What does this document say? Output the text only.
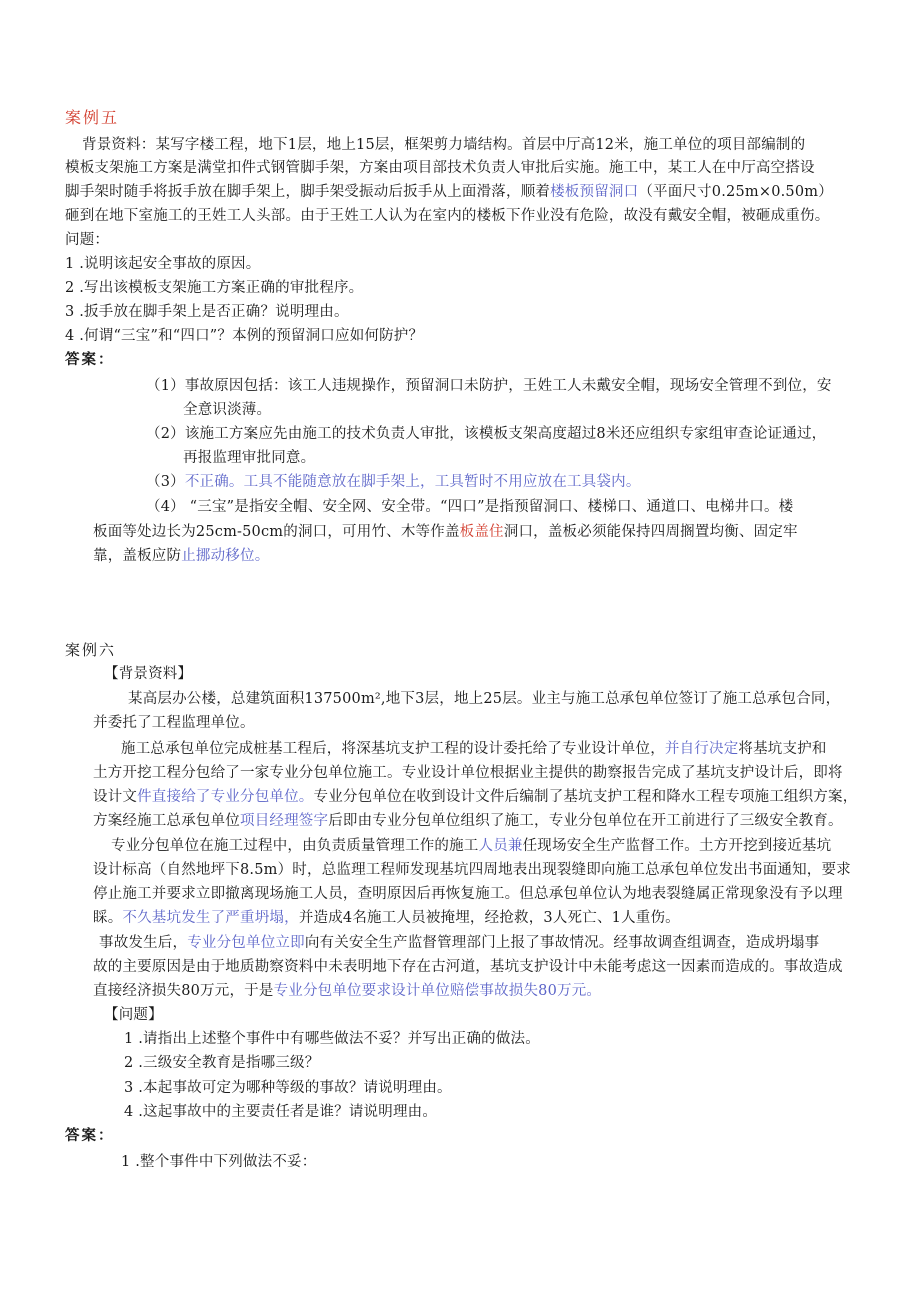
案例五
背景资料：某写字楼工程，地下1层，地上15层，框架剪力墙结构。首层中厅高12米，施工单位的项目部编制的
模板支架施工方案是满堂扣件式钢管脚手架，方案由项目部技术负责人审批后实施。施工中，某工人在中厅高空搭设
脚手架时随手将扳手放在脚手架上，脚手架受振动后扳手从上面滑落，顺着楼板预留洞口（平面尺寸0.25m×0.50m）
砸到在地下室施工的王姓工人头部。由于王姓工人认为在室内的楼板下作业没有危险，故没有戴安全帽，被砸成重伤。
问题：
1 .说明该起安全事故的原因。
2 .写出该模板支架施工方案正确的审批程序。
3 .扳手放在脚手架上是否正确？说明理由。
4 .何谓“三宝”和“四口”？本例的预留洞口应如何防护？
答案：
（1）事故原因包括：该工人违规操作，预留洞口未防护，王姓工人未戴安全帽，现场安全管理不到位，安
全意识淡薄。
（2）该施工方案应先由施工的技术负责人审批，该模板支架高度超过8米还应组织专家组审查论证通过，
再报监理审批同意。
（3）不正确。工具不能随意放在脚手架上，工具暂时不用应放在工具袋内。
（4） “三宝”是指安全帽、安全网、安全带。“四口”是指预留洞口、楼梯口、通道口、电梯井口。楼
板面等处边长为25cm-50cm的洞口，可用竹、木等作盖板盖住洞口，盖板必须能保持四周搁置均衡、固定牢
靠，盖板应防止挪动移位。
案例六
【背景资料】
某高层办公楼，总建筑面积137500m²,地下3层，地上25层。业主与施工总承包单位签订了施工总承包合同，
并委托了工程监理单位。
施工总承包单位完成桩基工程后，将深基坑支护工程的设计委托给了专业设计单位，并自行决定将基坑支护和
土方开挖工程分包给了一家专业分包单位施工。专业设计单位根据业主提供的勘察报告完成了基坑支护设计后，即将
设计文件直接给了专业分包单位。专业分包单位在收到设计文件后编制了基坑支护工程和降水工程专项施工组织方案，
方案经施工总承包单位项目经理签字后即由专业分包单位组织了施工，专业分包单位在开工前进行了三级安全教育。
专业分包单位在施工过程中，由负责质量管理工作的施工人员兼任现场安全生产监督工作。土方开挖到接近基坑
设计标高（自然地坪下8.5m）时，总监理工程师发现基坑四周地表出现裂缝即向施工总承包单位发出书面通知，要求
停止施工并要求立即撤离现场施工人员，查明原因后再恢复施工。但总承包单位认为地表裂缝属正常现象没有予以理
睬。不久基坑发生了严重坍塌，并造成4名施工人员被掩埋，经抢救，3人死亡、1人重伤。
事故发生后，专业分包单位立即向有关安全生产监督管理部门上报了事故情况。经事故调查组调查，造成坍塌事
故的主要原因是由于地质勘察资料中未表明地下存在古河道，基坑支护设计中未能考虑这一因素而造成的。事故造成
直接经济损失80万元，于是专业分包单位要求设计单位赔偿事故损失80万元。
【问题】
1 .请指出上述整个事件中有哪些做法不妥？并写出正确的做法。
2 .三级安全教育是指哪三级？
3 .本起事故可定为哪种等级的事故？请说明理由。
4 .这起事故中的主要责任者是谁？请说明理由。
答案：
1 .整个事件中下列做法不妥：
